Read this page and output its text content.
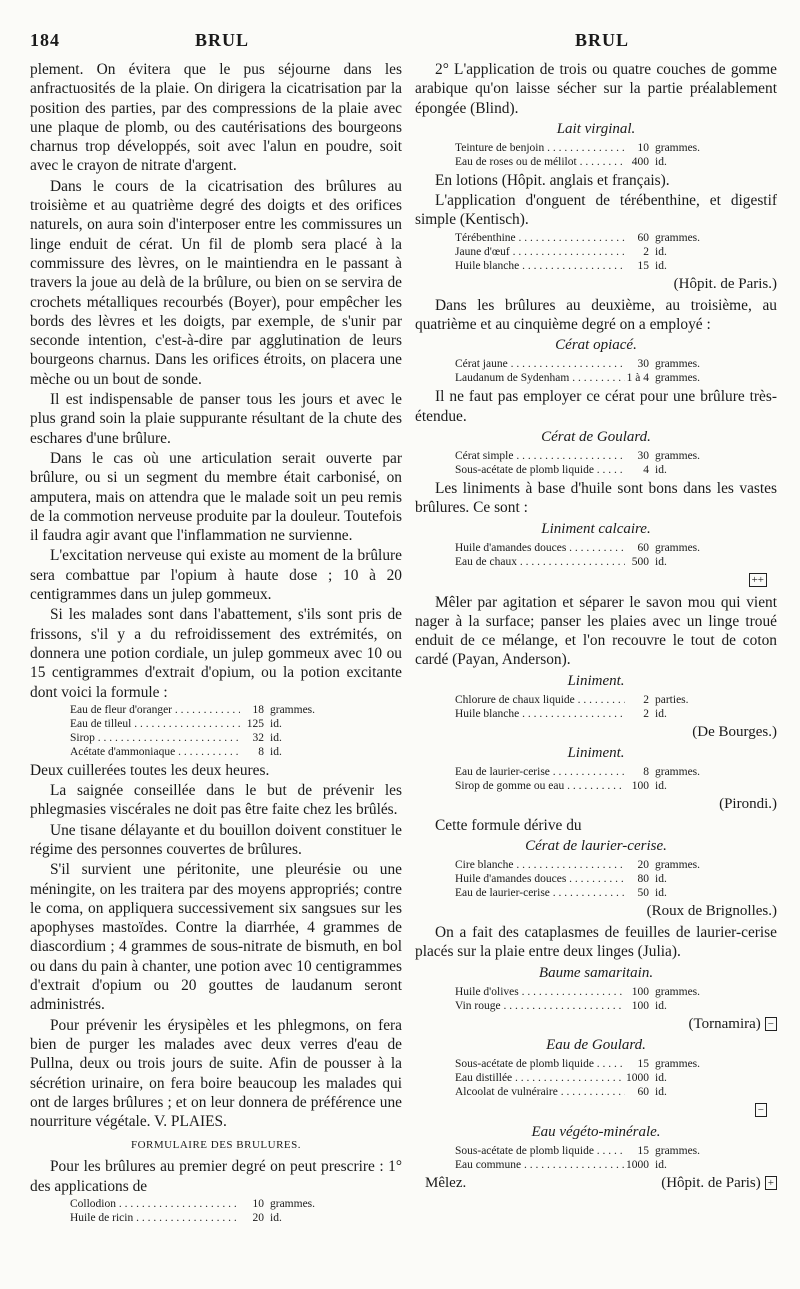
184	BRUL	BRUL
plement. On évitera que le pus séjourne dans les anfractuosités de la plaie. On dirigera la cicatrisation par la position des parties, par des compressions de la plaie avec une plaque de plomb, ou des cautérisations des bourgeons charnus trop développés, soit avec l'alun en poudre, soit avec le crayon de nitrate d'argent.
Dans le cours de la cicatrisation des brûlures au troisième et au quatrième degré des doigts et des orifices naturels, on aura soin d'interposer entre les commissures un linge enduit de cérat. Un fil de plomb sera placé à la commissure des lèvres, on le maintiendra en le passant à travers la joue au delà de la brûlure, ou bien on se servira de crochets métalliques recourbés (Boyer), pour empêcher les bords des lèvres et les doigts, par exemple, de s'unir par seconde intention, c'est-à-dire par agglutination de leurs bourgeons charnus. Dans les orifices étroits, on placera une mèche ou un bout de sonde.
Il est indispensable de panser tous les jours et avec le plus grand soin la plaie suppurante résultant de la chute des eschares d'une brûlure.
Dans le cas où une articulation serait ouverte par brûlure, ou si un segment du membre était carbonisé, on amputera, mais on attendra que le malade soit un peu remis de la commotion nerveuse produite par la douleur. Toutefois il faudra agir avant que l'inflammation ne survienne.
L'excitation nerveuse qui existe au moment de la brûlure sera combattue par l'opium à haute dose ; 10 à 20 centigrammes dans un julep gommeux.
Si les malades sont dans l'abattement, s'ils sont pris de frissons, s'il y a du refroidissement des extrémités, on donnera une potion cordiale, un julep gommeux avec 10 ou 15 centigrammes d'extrait d'opium, ou la potion excitante dont voici la formule :
Eau de fleur d'oranger . . .	18 grammes.
Eau de tilleul . . .	125 id.
Sirop . . .	32 id.
Acétate d'ammoniaque . . .	8 id.
Deux cuillerées toutes les deux heures.
La saignée conseillée dans le but de prévenir les phlegmasies viscérales ne doit pas être faite chez les brûlés.
Une tisane délayante et du bouillon doivent constituer le régime des personnes couvertes de brûlures.
S'il survient une péritonite, une pleurésie ou une méningite, on les traitera par des moyens appropriés; contre le coma, on appliquera successivement six sangsues sur les apophyses mastoïdes. Contre la diarrhée, 4 grammes de diascordium ; 4 grammes de sous-nitrate de bismuth, en bol ou dans du pain à chanter, une potion avec 10 centigrammes d'extrait d'opium ou 20 gouttes de laudanum seront administrés.
Pour prévenir les érysipèles et les phlegmons, on fera bien de purger les malades avec deux verres d'eau de Pullna, deux ou trois jours de suite. Afin de pousser à la sécrétion urinaire, on fera boire beaucoup les malades qui ont de larges brûlures ; et on leur donnera de préférence une nourriture végétale. V. PLAIES.
FORMULAIRE DES BRULURES.
Pour les brûlures au premier degré on peut prescrire : 1° des applications de
Collodion . . .	10 grammes.
Huile de ricin . . .	20 id.
2° L'application de trois ou quatre couches de gomme arabique qu'on laisse sécher sur la partie préalablement épongée (Blind).
Lait virginal.
Teinture de benjoin . . .	10 grammes.
Eau de roses ou de mélilot . . .	400 id.
En lotions (Hôpit. anglais et français).
L'application d'onguent de térébenthine, et digestif simple (Kentisch).
Térébenthine . . .	60 grammes.
Jaune d'œuf . . .	2 id.
Huile blanche . . .	15 id.
(Hôpit. de Paris.)
Dans les brûlures au deuxième, au troisième, au quatrième et au cinquième degré on a employé :
Cérat opiacé.
Cérat jaune . . .	30 grammes.
Laudanum de Sydenham . . .	1 à 4 grammes.
Il ne faut pas employer ce cérat pour une brûlure très-étendue.
Cérat de Goulard.
Cérat simple . . .	30 grammes.
Sous-acétate de plomb liquide . . .	4 id.
Les liniments à base d'huile sont bons dans les vastes brûlures. Ce sont :
Liniment calcaire.
Huile d'amandes douces . . .	60 grammes.
Eau de chaux . . .	500 id.
++
Mêler par agitation et séparer le savon mou qui vient nager à la surface; panser les plaies avec un linge troué enduit de ce mélange, et l'on recouvre le tout de coton cardé (Payan, Anderson).
Liniment.
Chlorure de chaux liquide . . .	2 parties.
Huile blanche . . .	2 id.
(De Bourges.)
Liniment.
Eau de laurier-cerise . . .	8 grammes.
Sirop de gomme ou eau . . .	100 id.
(Pirondi.)
Cette formule dérive du
Cérat de laurier-cerise.
Cire blanche . . .	20 grammes.
Huile d'amandes douces . . .	80 id.
Eau de laurier-cerise . . .	50 id.
(Roux de Brignolles.)
On a fait des cataplasmes de feuilles de laurier-cerise placés sur la plaie entre deux linges (Julia).
Baume samaritain.
Huile d'olives . . .	100 grammes.
Vin rouge . . .	100 id.
(Tornamira) −
Eau de Goulard.
Sous-acétate de plomb liquide . . .	15 grammes.
Eau distillée . . .	1000 id.
Alcoolat de vulnéraire . . .	60 id.
−
Eau végéto-minérale.
Sous-acétate de plomb liquide . . .	15 grammes.
Eau commune . . .	1000 id.
Mêlez.	(Hôpit. de Paris) +
